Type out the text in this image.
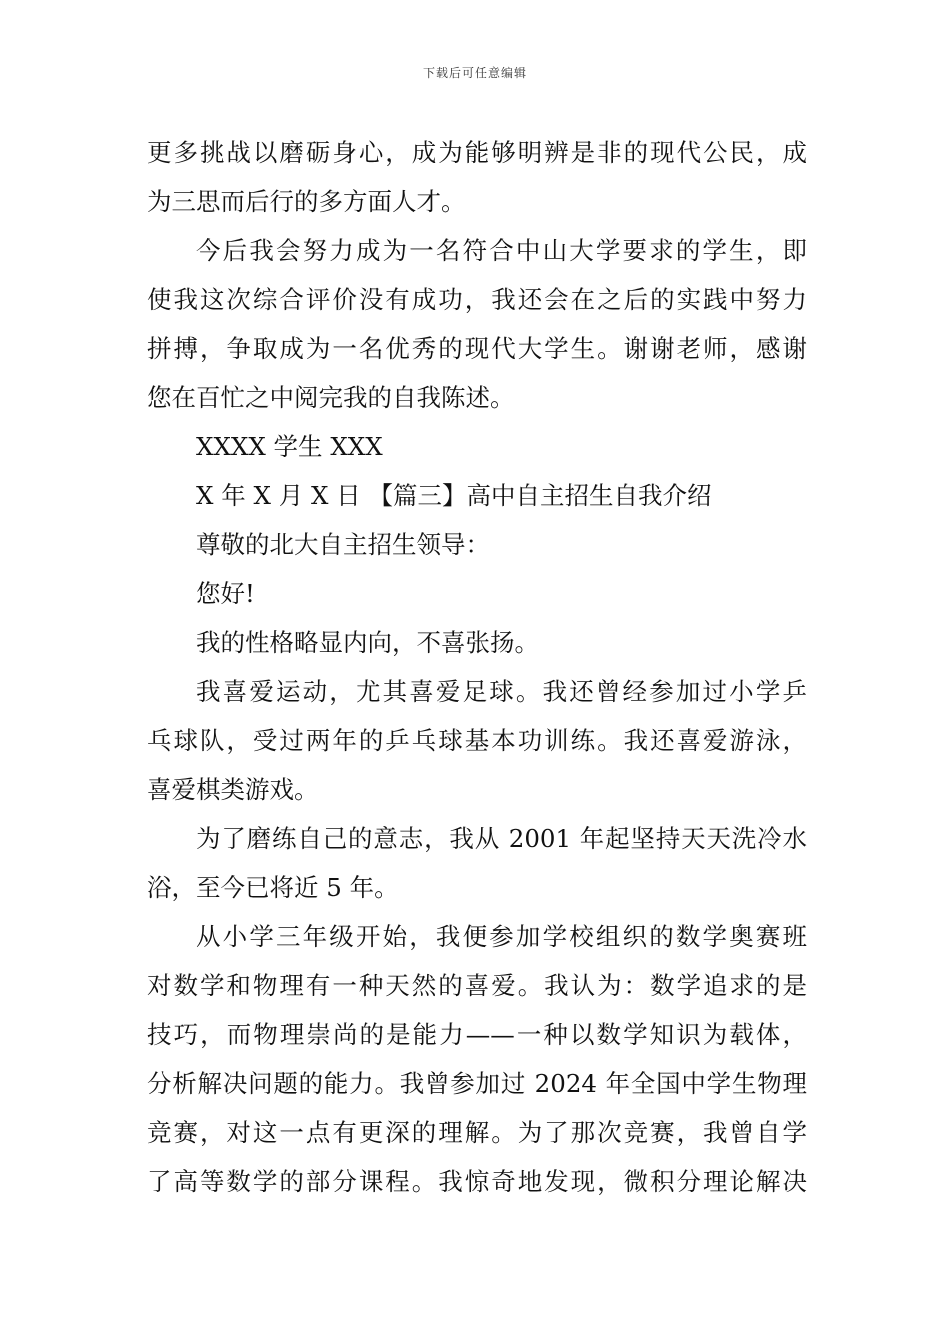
下载后可任意编辑
更多挑战以磨砺身心，成为能够明辨是非的现代公民，成
为三思而后行的多方面人才。
今后我会努力成为一名符合中山大学要求的学生，即
使我这次综合评价没有成功，我还会在之后的实践中努力
拼搏，争取成为一名优秀的现代大学生。谢谢老师，感谢
您在百忙之中阅完我的自我陈述。
XXXX 学生 XXX
X 年 X 月 X 日 【篇三】高中自主招生自我介绍
尊敬的北大自主招生领导：
您好!
我的性格略显内向，不喜张扬。
我喜爱运动，尤其喜爱足球。我还曾经参加过小学乒
乓球队，受过两年的乒乓球基本功训练。我还喜爱游泳，
喜爱棋类游戏。
为了磨练自己的意志，我从 2001 年起坚持天天洗冷水
浴，至今已将近 5 年。
从小学三年级开始，我便参加学校组织的数学奥赛班
对数学和物理有一种天然的喜爱。我认为：数学追求的是
技巧，而物理崇尚的是能力——一种以数学知识为载体，
分析解决问题的能力。我曾参加过 2024 年全国中学生物理
竞赛，对这一点有更深的理解。为了那次竞赛，我曾自学
了高等数学的部分课程。我惊奇地发现，微积分理论解决
